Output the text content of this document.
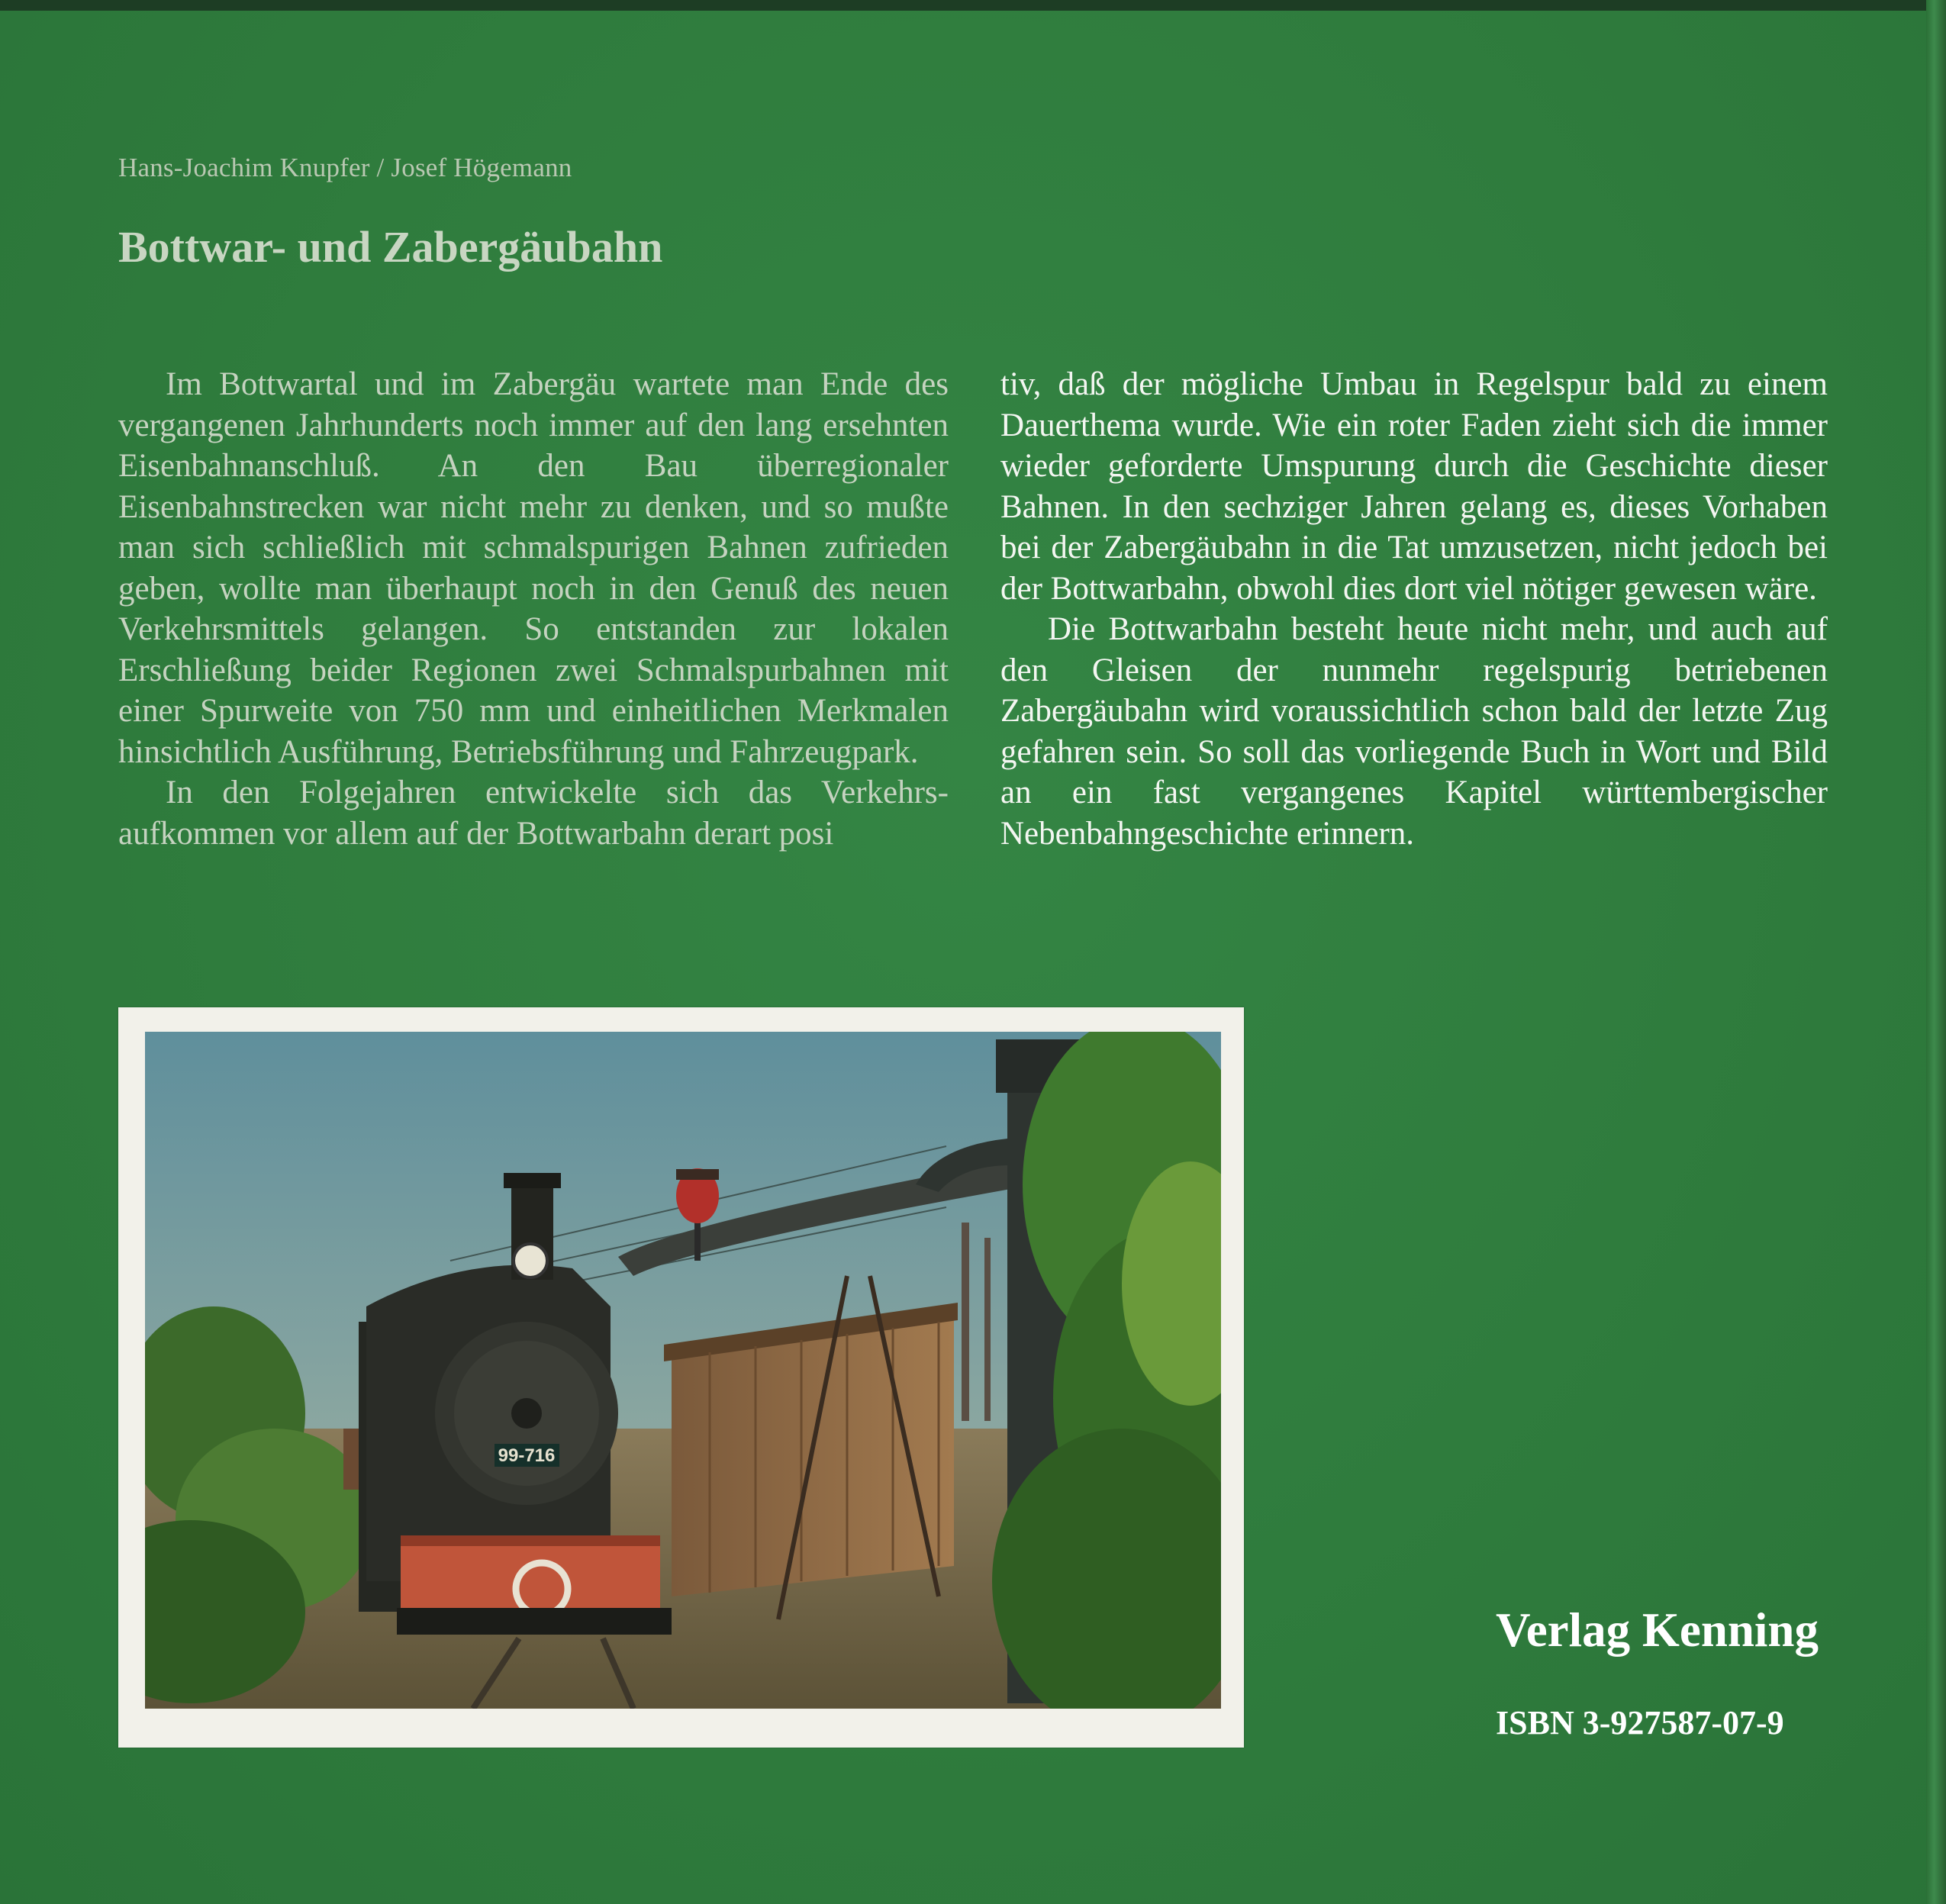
Hans-Joachim Knupfer / Josef Högemann
Bottwar- und Zabergäubahn

Im Bottwartal und im Zabergäu wartete man Ende des vergangenen Jahrhunderts noch immer auf den lang ersehnten Eisenbahnanschluß. An den Bau überregionaler Eisenbahnstrecken war nicht mehr zu denken, und so mußte man sich schließlich mit schmalspurigen Bahnen zufrieden geben, wollte man überhaupt noch in den Genuß des neuen Verkehrsmittels gelangen. So entstanden zur lokalen Erschließung beider Regionen zwei Schmalspurbahnen mit einer Spurweite von 750 mm und einheitlichen Merkmalen hinsichtlich Ausführung, Betriebsführung und Fahrzeugpark.

In den Folgejahren entwickelte sich das Verkehrsaufkommen vor allem auf der Bottwarbahn derart posi

tiv, daß der mögliche Umbau in Regelspur bald zu einem Dauerthema wurde. Wie ein roter Faden zieht sich die immer wieder geforderte Umspurung durch die Geschichte dieser Bahnen. In den sechziger Jahren gelang es, dieses Vorhaben bei der Zabergäubahn in die Tat umzusetzen, nicht jedoch bei der Bottwarbahn, obwohl dies dort viel nötiger gewesen wäre.

Die Bottwarbahn besteht heute nicht mehr, und auch auf den Gleisen der nunmehr regelspurig betriebenen Zabergäubahn wird voraussichtlich schon bald der letzte Zug gefahren sein. So soll das vorliegende Buch in Wort und Bild an ein fast vergangenes Kapitel württembergischer Nebenbahngeschichte erinnern.

99-716
Verlag Kenning
ISBN 3-927587-07-9
